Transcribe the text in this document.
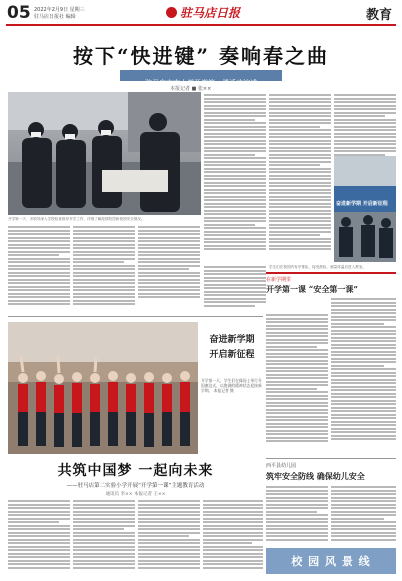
05 2022年2月9日 星期三
驻马店日报社 编辑	驻马店日报	教育
按下“快进键” 奏响春之曲
驻马店市中小学开学第一课活动综述
本报记者 ■ 张××
开学第一天，市领导深入学校检查指导开学工作，详细了解疫情防控和校园安全情况。
奋进新学期 开启新征程
学生们在校园内有序排队，接受晨检，测量体温后进入教室。
奋进新学期
开启新征程
开学第一天，学生们在操场上举行升国旗仪式，以饱满的精神状态迎接新学期。 本报记者 摄
在新学期里
开学第一课 “安全第一课”
西平县幼儿园
筑牢安全防线 确保幼儿安全
校 园 风 景 线
共筑中国梦 一起向未来
——驻马店第二实验小学开展“开学第一课”主题教育活动
通讯员 李×× 本报记者 王××
